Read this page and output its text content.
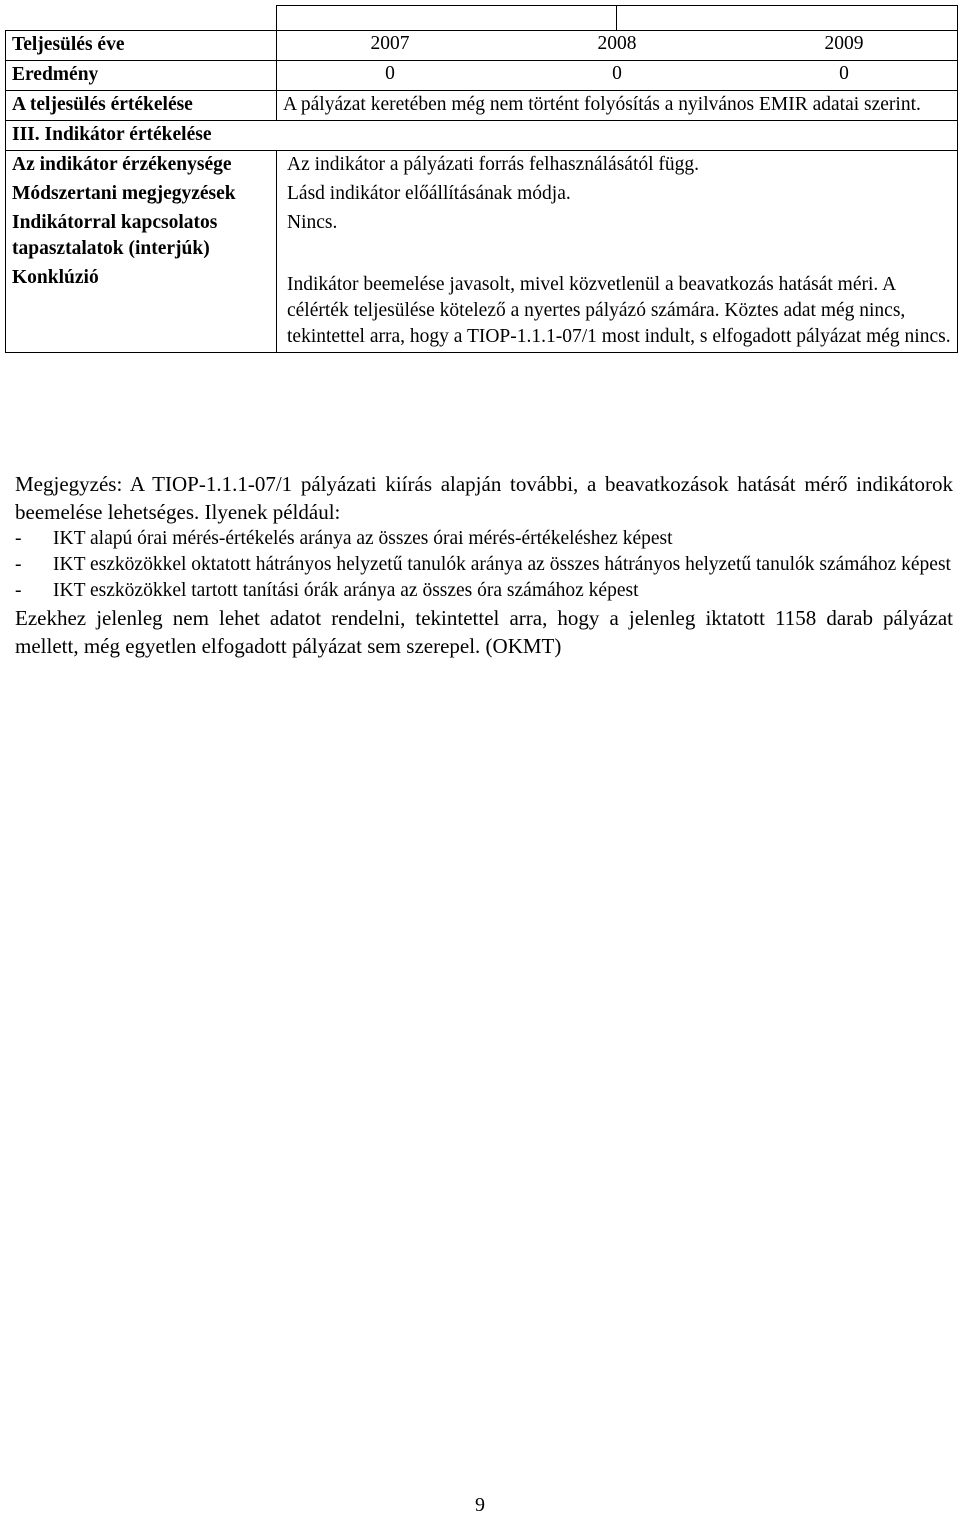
Teljesülés éve	2007 2008 2009	

Eredmény	0 0 0	

A teljesülés értékelése	A pályázat keretében még nem történt folyósítás a nyilvános EMIR adatai szerint.	
III. Indikátor értékelése		
Az indikátor érzékenysége	Az indikátor a pályázati forrás felhasználásától függ.	
Módszertani megjegyzések	Lásd indikátor előállításának módja.	
Indikátorral kapcsolatos tapasztalatok (interjúk)	Nincs.	
Konklúzió	Indikátor beemelése javasolt, mivel közvetlenül a beavatkozás hatását méri. A célérték teljesülése kötelező a nyertes pályázó számára. Köztes adat még nincs, tekintettel arra, hogy a TIOP-1.1.1-07/1 most indult, s elfogadott pályázat még nincs.	

Megjegyzés: A TIOP-1.1.1-07/1 pályázati kiírás alapján további, a beavatkozások hatását mérő indikátorok beemelése lehetséges. Ilyenek például:

- IKT alapú órai mérés-értékelés aránya az összes órai mérés-értékeléshez képest
- IKT eszközökkel oktatott hátrányos helyzetű tanulók aránya az összes hátrányos helyzetű tanulók számához képest
- IKT eszközökkel tartott tanítási órák aránya az összes óra számához képest

Ezekhez jelenleg nem lehet adatot rendelni, tekintettel arra, hogy a jelenleg iktatott 1158 darab pályázat mellett, még egyetlen elfogadott pályázat sem szerepel. (OKMT)

9
